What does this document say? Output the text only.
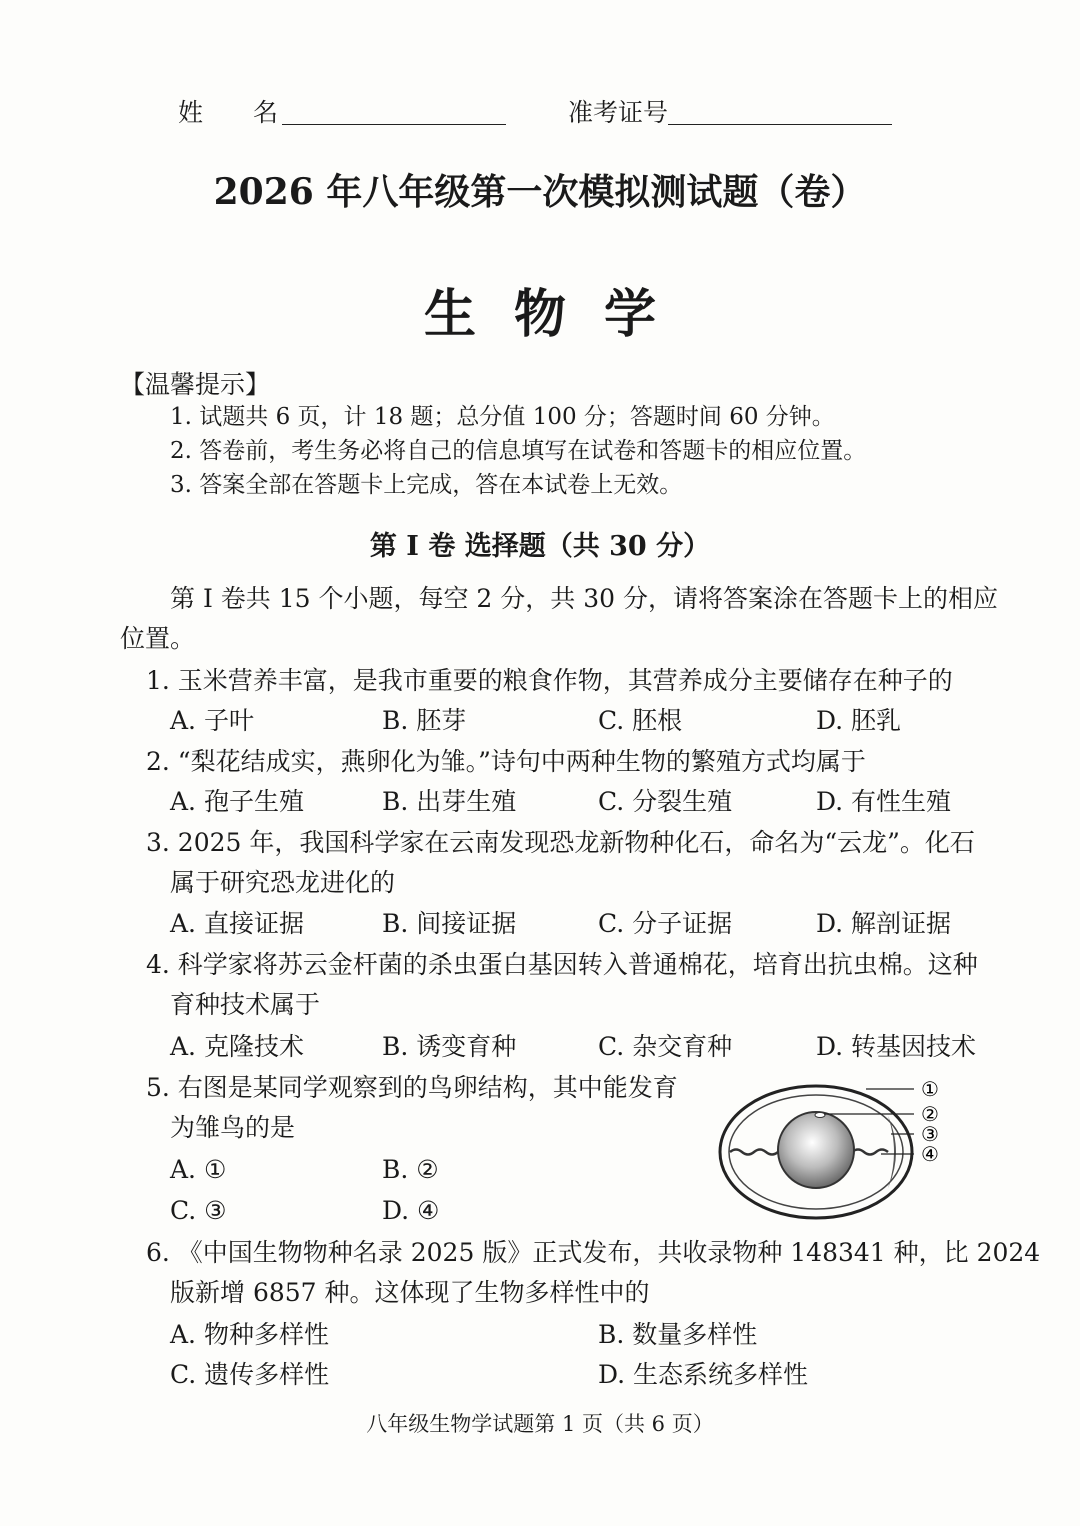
姓　　名	准考证号
2026 年八年级第一次模拟测试题（卷）
生物学
【温馨提示】
1. 试题共 6 页，计 18 题；总分值 100 分；答题时间 60 分钟。
2. 答卷前，考生务必将自己的信息填写在试卷和答题卡的相应位置。
3. 答案全部在答题卡上完成，答在本试卷上无效。
第 I 卷 选择题（共 30 分）
第 Ⅰ 卷共 15 个小题，每空 2 分，共 30 分，请将答案涂在答题卡上的相应
位置。
1. 玉米营养丰富，是我市重要的粮食作物，其营养成分主要储存在种子的
A. 子叶	B. 胚芽	C. 胚根	D. 胚乳
2. “梨花结成实，燕卵化为雏。”诗句中两种生物的繁殖方式均属于
A. 孢子生殖	B. 出芽生殖	C. 分裂生殖	D. 有性生殖
3. 2025 年，我国科学家在云南发现恐龙新物种化石，命名为“云龙”。化石
属于研究恐龙进化的
A. 直接证据	B. 间接证据	C. 分子证据	D. 解剖证据
4. 科学家将苏云金杆菌的杀虫蛋白基因转入普通棉花，培育出抗虫棉。这种
育种技术属于
A. 克隆技术	B. 诱变育种	C. 杂交育种	D. 转基因技术
5. 右图是某同学观察到的鸟卵结构，其中能发育
为雏鸟的是
A. ①	B. ②
C. ③	D. ④
①
②
③
④
6. 《中国生物物种名录 2025 版》正式发布，共收录物种 148341 种，比 2024
版新增 6857 种。这体现了生物多样性中的
A. 物种多样性	B. 数量多样性
C. 遗传多样性	D. 生态系统多样性
八年级生物学试题第 1 页（共 6 页）
